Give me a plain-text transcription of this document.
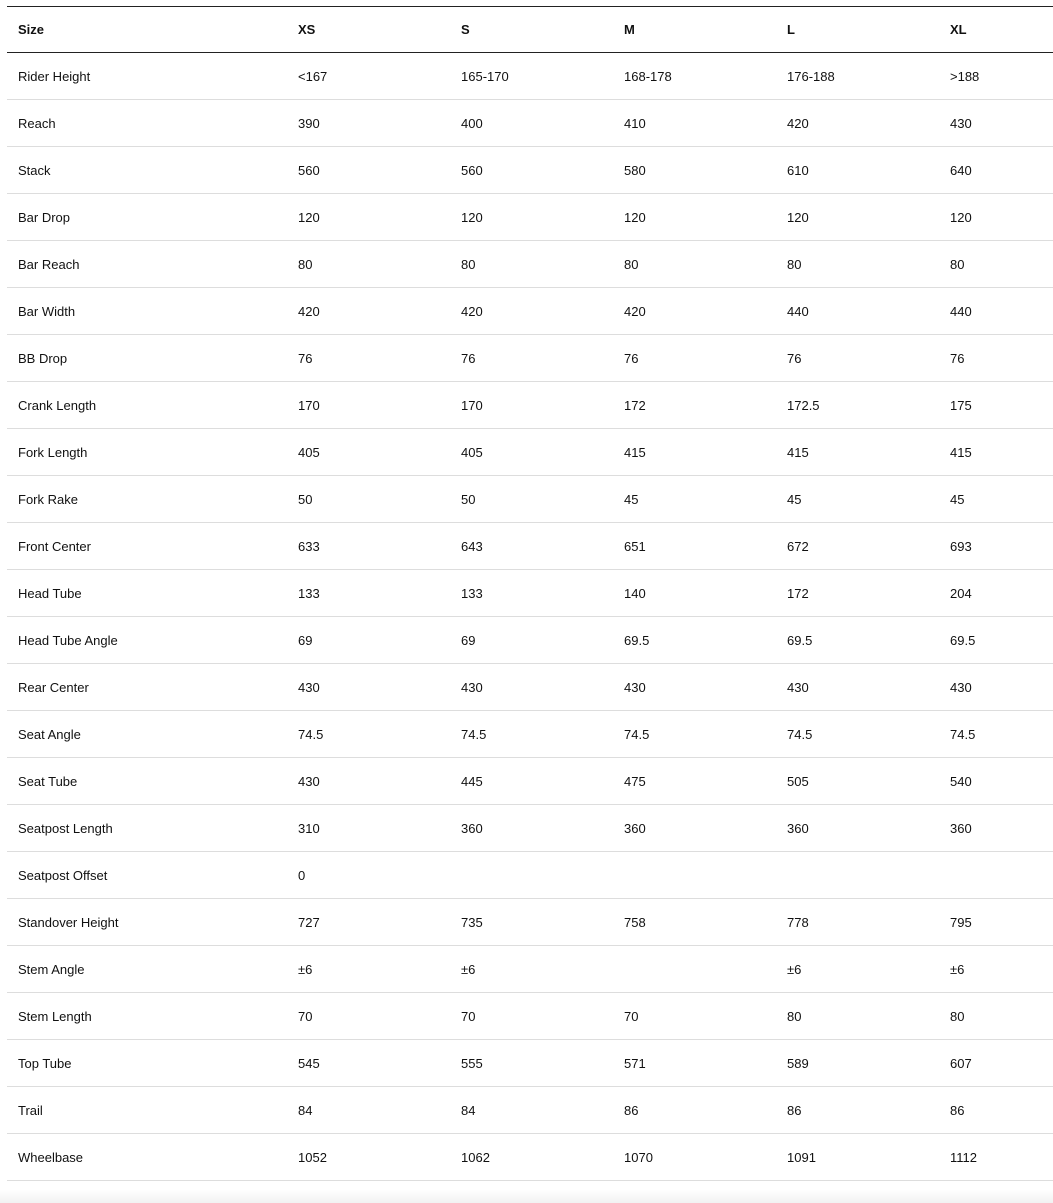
Size	XS	S	M	L	XL
Rider Height	<167	165-170	168-178	176-188	>188
Reach	390	400	410	420	430
Stack	560	560	580	610	640
Bar Drop	120	120	120	120	120
Bar Reach	80	80	80	80	80
Bar Width	420	420	420	440	440
BB Drop	76	76	76	76	76
Crank Length	170	170	172	172.5	175
Fork Length	405	405	415	415	415
Fork Rake	50	50	45	45	45
Front Center	633	643	651	672	693
Head Tube	133	133	140	172	204
Head Tube Angle	69	69	69.5	69.5	69.5
Rear Center	430	430	430	430	430
Seat Angle	74.5	74.5	74.5	74.5	74.5
Seat Tube	430	445	475	505	540
Seatpost Length	310	360	360	360	360
Seatpost Offset	0				
Standover Height	727	735	758	778	795
Stem Angle	±6	±6		±6	±6
Stem Length	70	70	70	80	80
Top Tube	545	555	571	589	607
Trail	84	84	86	86	86
Wheelbase	1052	1062	1070	1091	1112
